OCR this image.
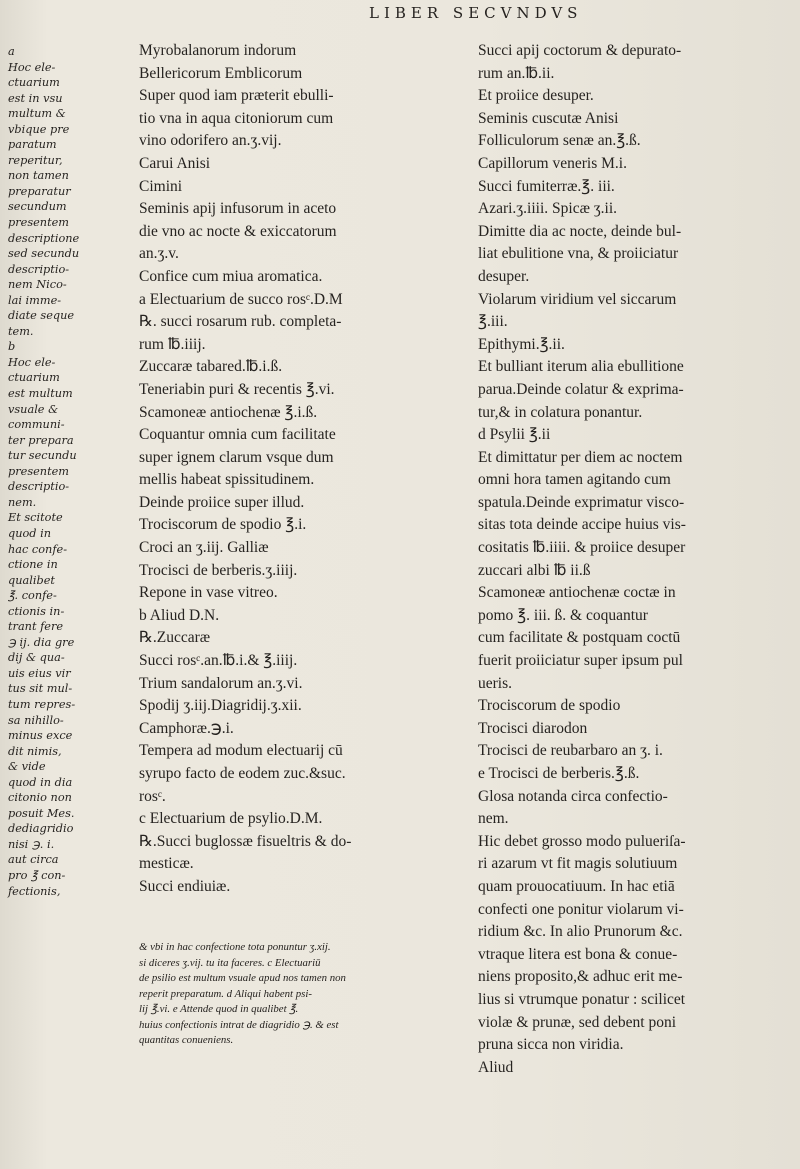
LIBER SECVNDVS
a
Hoc ele-
ctuarium
est in vsu
multum &
vbique pre
paratum
reperitur,
non tamen
preparatur
secundum
presentem
descriptione
sed secundu
descriptio-
nem Nico-
lai imme-
diate seque
tem.
b
Hoc ele-
ctuarium
est multum
vsuale &
communi-
ter prepara
tur secundu
presentem
descriptio-
nem.
Et scitote
quod in
hac confe-
ctione in
qualibet
℥. confe-
ctionis in-
trant fere
℈ ij. dia gre
dij & qua-
uis eius vir
tus sit mul-
tum repres-
sa nihillo-
minus exce
dit nimis,
& vide
quod in dia
citonio non
posuit Mes.
dediagridio
nisi ℈. i.
aut circa
pro ℥ con-
fectionis,
Myrobalanorum indorum
Bellericorum Emblicorum
Super quod iam præterit ebulli-
tio vna in aqua citoniorum cum
vino odorifero an.ʒ.vij.
Carui Anisi
Cimini
Seminis apij infusorum in aceto
die vno ac nocte & exiccatorum
an.ʒ.v.
Confice cum miua aromatica.
a Electuarium de succo rosᶜ.D.M
℞. succi rosarum rub. completa-
rum ℔.iiij.
Zuccaræ tabared.℔.i.ß.
Teneriabin puri & recentis ℥.vi.
Scamoneæ antiochenæ ℥.i.ß.
Coquantur omnia cum facilitate
super ignem clarum vsque dum
mellis habeat spissitudinem.
Deinde proiice super illud.
Trociscorum de spodio ℥.i.
Croci an ʒ.iij. Galliæ
Trocisci de berberis.ʒ.iiij.
Repone in vase vitreo.
b Aliud D.N.
℞.Zuccaræ
Succi rosᶜ.an.℔.i.& ℥.iiij.
Trium sandalorum an.ʒ.vi.
Spodij ʒ.iij.Diagridij.ʒ.xii.
Camphoræ.℈.i.
Tempera ad modum electuarij cū
syrupo facto de eodem zuc.&suc.
rosᶜ.
c Electuarium de psylio.D.M.
℞.Succi buglossæ fisueltris & do-
mesticæ.
Succi endiuiæ.
& vbi in hac confectione tota ponuntur ʒ.xij.
si diceres ʒ.vij. tu ita faceres. c Electuariū
de psilio est multum vsuale apud nos tamen non
reperit preparatum. d Aliqui habent psi-
lij ℥.vi. e Attende quod in qualibet ℥.
huius confectionis intrat de diagridio ℈. & est
quantitas conueniens.
Succi apij coctorum & depurato-
rum an.℔.ii.
Et proiice desuper.
Seminis cuscutæ Anisi
Folliculorum senæ an.℥.ß.
Capillorum veneris M.i.
Succi fumiterræ.℥. iii.
Azari.ʒ.iiii. Spicæ ʒ.ii.
Dimitte dia ac nocte, deinde bul-
liat ebulitione vna, & proiiciatur
desuper.
Violarum viridium vel siccarum
℥.iii.
Epithymi.℥.ii.
Et bulliant iterum alia ebullitione
parua.Deinde colatur & exprima-
tur,& in colatura ponantur.
d Psylii ℥.ii
Et dimittatur per diem ac noctem
omni hora tamen agitando cum
spatula.Deinde exprimatur visco-
sitas tota deinde accipe huius vis-
cositatis ℔.iiii. & proiice desuper
zuccari albi ℔ ii.ß
Scamoneæ antiochenæ coctæ in
pomo ℥. iii. ß. & coquantur
cum facilitate & postquam coctū
fuerit proiiciatur super ipsum pul
ueris.
Trociscorum de spodio
Trocisci diarodon
Trocisci de reubarbaro an ʒ. i.
e Trocisci de berberis.℥.ß.
Glosa notanda circa confectio-
nem.
Hic debet grosso modo pulueriſa-
ri azarum vt fit magis solutiuum
quam prouocatiuum. In hac etiā
confecti one ponitur violarum vi-
ridium &c. In alio Prunorum &c.
vtraque litera est bona & conue-
niens proposito,& adhuc erit me-
lius si vtrumque ponatur : scilicet
violæ & prunæ, sed debent poni
pruna sicca non viridia.
Aliud
